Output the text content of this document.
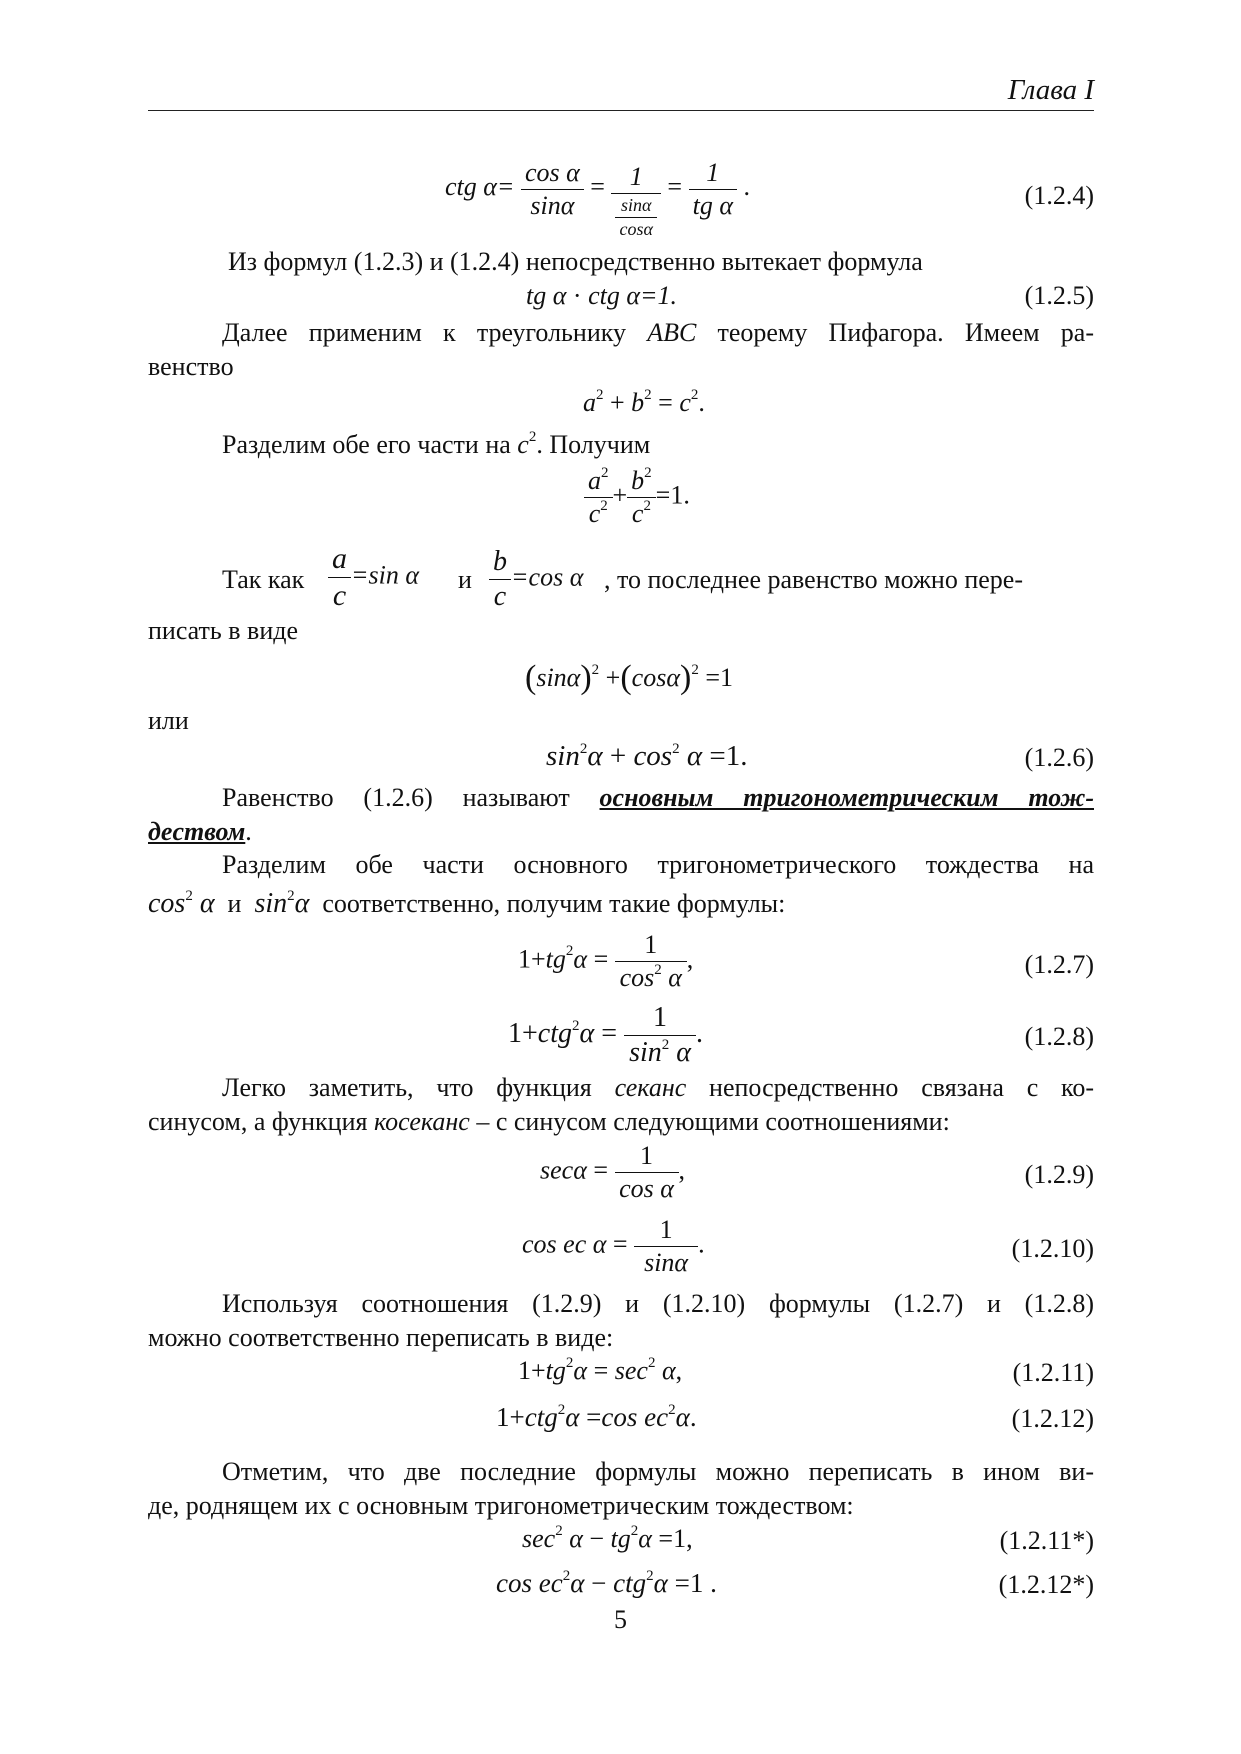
Глава I
ctg $\alpha= \frac{\text{cos α}}{\sin\alpha} = \frac{1}{\frac{\sin\alpha}{\cos\alpha}} = \frac{1}{\text{tg α}}$ .	(1.2.4)
Из формул (1.2.3) и (1.2.4) непосредственно вытекает формула
tg α · ctg α=1.	(1.2.5)
Далее применим к треугольнику ABC теорему Пифагора. Имеем ра-
венство
$a^2 + b^2 = c^2$.
Разделим обе его части на $c^2$. Получим
$\frac{a^2}{c^2} + \frac{b^2}{c^2} =1$.
Так как $\frac{a}{c} =\sin$ α и $\frac{b}{c} =\cos$ α , то последнее равенство можно пере-
писать в виде
$(\sin\alpha)^2 +(\cos\alpha)^2 =1$
или
$\sin^2\alpha + \cos^2 \alpha =1$.	(1.2.6)
Равенство (1.2.6) называют основным тригонометрическим тож-
дeством.
Разделим обе части основного тригонометрического тождества на
$\cos^2 \alpha$ и $\sin^2\alpha$ соответственно, получим такие формулы:
$1+tg^2\alpha = \frac{1}{\cos^2 \alpha}$ ,	(1.2.7)
$1+ctg^2\alpha = \frac{1}{\sin^2 \alpha}$ .	(1.2.8)
Легко заметить, что функция секанс непосредственно связана с ко-
синусом, а функция косеканс – с синусом следующими соотношениями:
$\sec\alpha = \frac{1}{\text{cos α}}$ ,	(1.2.9)
cos ec $\alpha = \frac{1}{\sin\alpha}$ .	(1.2.10)
Используя соотношения (1.2.9) и (1.2.10) формулы (1.2.7) и (1.2.8)
можно соответственно переписать в виде:
$1+tg^2\alpha = \sec^2 \alpha$,	(1.2.11)
1+ctg$^2$α =cos $ec^2\alpha$.	(1.2.12)
Отметим, что две последние формулы можно переписать в ином ви-
де, роднящем их с основным тригонометрическим тождеством:
$\sec^2 \alpha - tg^2\alpha =1$,	(1.2.11*)
$\cos ec^2\alpha - ctg^2\alpha =1$ .	(1.2.12*)
5
